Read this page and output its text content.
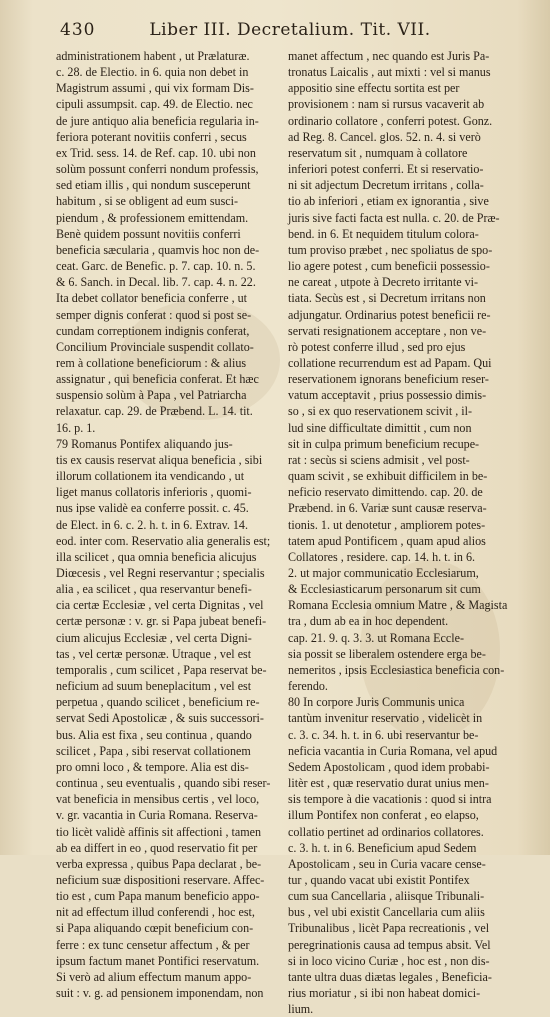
430	Liber III. Decretalium. Tit. VII.
administrationem habent , ut Prælaturæ.
c. 28. de Electio. in 6. quia non debet in
Magistrum assumi , qui vix formam Dis-
cipuli assumpsit. cap. 49. de Electio. nec
de jure antiquo alia beneficia regularia in-
feriora poterant novitiis conferri , secus
ex Trid. sess. 14. de Ref. cap. 10. ubi non
solùm possunt conferri nondum professis,
sed etiam illis , qui nondum susceperunt
habitum , si se obligent ad eum susci-
piendum , & professionem emittendam.
Benè quidem possunt novitiis conferri
beneficia sæcularia , quamvis hoc non de-
ceat. Garc. de Benefic. p. 7. cap. 10. n. 5.
& 6. Sanch. in Decal. lib. 7. cap. 4. n. 22.
Ita debet collator beneficia conferre , ut
semper dignis conferat : quod si post se-
cundam correptionem indignis conferat,
Concilium Provinciale suspendit collato-
rem à collatione beneficiorum : & alius
assignatur , qui beneficia conferat. Et hæc
suspensio solùm à Papa , vel Patriarcha
relaxatur. cap. 29. de Præbend. L. 14. tit.
16. p. 1.
79 Romanus Pontifex aliquando jus-
tis ex causis reservat aliqua beneficia , sibi
illorum collationem ita vendicando , ut
liget manus collatoris inferioris , quomi-
nus ipse validè ea conferre possit. c. 45.
de Elect. in 6. c. 2. h. t. in 6. Extrav. 14.
eod. inter com. Reservatio alia generalis est;
illa scilicet , qua omnia beneficia alicujus
Diœcesis , vel Regni reservantur ; specialis
alia , ea scilicet , qua reservantur benefi-
cia certæ Ecclesiæ , vel certa Dignitas , vel
certæ personæ : v. gr. si Papa jubeat benefi-
cium alicujus Ecclesiæ , vel certa Digni-
tas , vel certæ personæ. Utraque , vel est
temporalis , cum scilicet , Papa reservat be-
neficium ad suum beneplacitum , vel est
perpetua , quando scilicet , beneficium re-
servat Sedi Apostolicæ , & suis successori-
bus. Alia est fixa , seu continua , quando
scilicet , Papa , sibi reservat collationem
pro omni loco , & tempore. Alia est dis-
continua , seu eventualis , quando sibi reser-
vat beneficia in mensibus certis , vel loco,
v. gr. vacantia in Curia Romana. Reserva-
tio licèt validè affinis sit affectioni , tamen
ab ea differt in eo , quod reservatio fit per
verba expressa , quibus Papa declarat , be-
neficium suæ dispositioni reservare. Affec-
tio est , cum Papa manum beneficio appo-
nit ad effectum illud conferendi , hoc est,
si Papa aliquando cœpit beneficium con-
ferre : ex tunc censetur affectum , & per
ipsum factum manet Pontifici reservatum.
Si verò ad alium effectum manum appo-
suit : v. g. ad pensionem imponendam, non
manet affectum , nec quando est Juris Pa-
tronatus Laicalis , aut mixti : vel si manus
appositio sine effectu sortita est per
provisionem : nam si rursus vacaverit ab
ordinario collatore , conferri potest. Gonz.
ad Reg. 8. Cancel. glos. 52. n. 4. si verò
reservatum sit , numquam à collatore
inferiori potest conferri. Et si reservatio-
ni sit adjectum Decretum irritans , colla-
tio ab inferiori , etiam ex ignorantia , sive
juris sive facti facta est nulla. c. 20. de Præ-
bend. in 6. Et nequidem titulum colora-
tum proviso præbet , nec spoliatus de spo-
lio agere potest , cum beneficii possessio-
ne careat , utpote à Decreto irritante vi-
tiata. Secùs est , si Decretum irritans non
adjungatur. Ordinarius potest beneficii re-
servati resignationem acceptare , non ve-
rò potest conferre illud , sed pro ejus
collatione recurrendum est ad Papam. Qui
reservationem ignorans beneficium reser-
vatum acceptavit , prius possessio dimis-
so , si ex quo reservationem scivit , il-
lud sine difficultate dimittit , cum non
sit in culpa primum beneficium recupe-
rat : secùs si sciens admisit , vel post-
quam scivit , se exhibuit difficilem in be-
neficio reservato dimittendo. cap. 20. de
Præbend. in 6. Variæ sunt causæ reserva-
tionis. 1. ut denotetur , ampliorem potes-
tatem apud Pontificem , quam apud alios
Collatores , residere. cap. 14. h. t. in 6.
2. ut major communicatio Ecclesiarum,
& Ecclesiasticarum personarum sit cum
Romana Ecclesia omnium Matre , & Magista
tra , dum ab ea in hoc dependent.
cap. 21. 9. q. 3. 3. ut Romana Eccle-
sia possit se liberalem ostendere erga be-
nemeritos , ipsis Ecclesiastica beneficia con-
ferendo.
80 In corpore Juris Communis unica
tantùm invenitur reservatio , videlicèt in
c. 3. c. 34. h. t. in 6. ubi reservantur be-
neficia vacantia in Curia Romana, vel apud
Sedem Apostolicam , quod idem probabi-
litèr est , quæ reservatio durat unius men-
sis tempore à die vacationis : quod si intra
illum Pontifex non conferat , eo elapso,
collatio pertinet ad ordinarios collatores.
c. 3. h. t. in 6. Beneficium apud Sedem
Apostolicam , seu in Curia vacare cense-
tur , quando vacat ubi existit Pontifex
cum sua Cancellaria , aliisque Tribunali-
bus , vel ubi existit Cancellaria cum aliis
Tribunalibus , licèt Papa recreationis , vel
peregrinationis causa ad tempus absit. Vel
si in loco vicino Curiæ , hoc est , non dis-
tante ultra duas diætas legales , Beneficia-
rius moriatur , si ibi non habeat domici-
lium.
